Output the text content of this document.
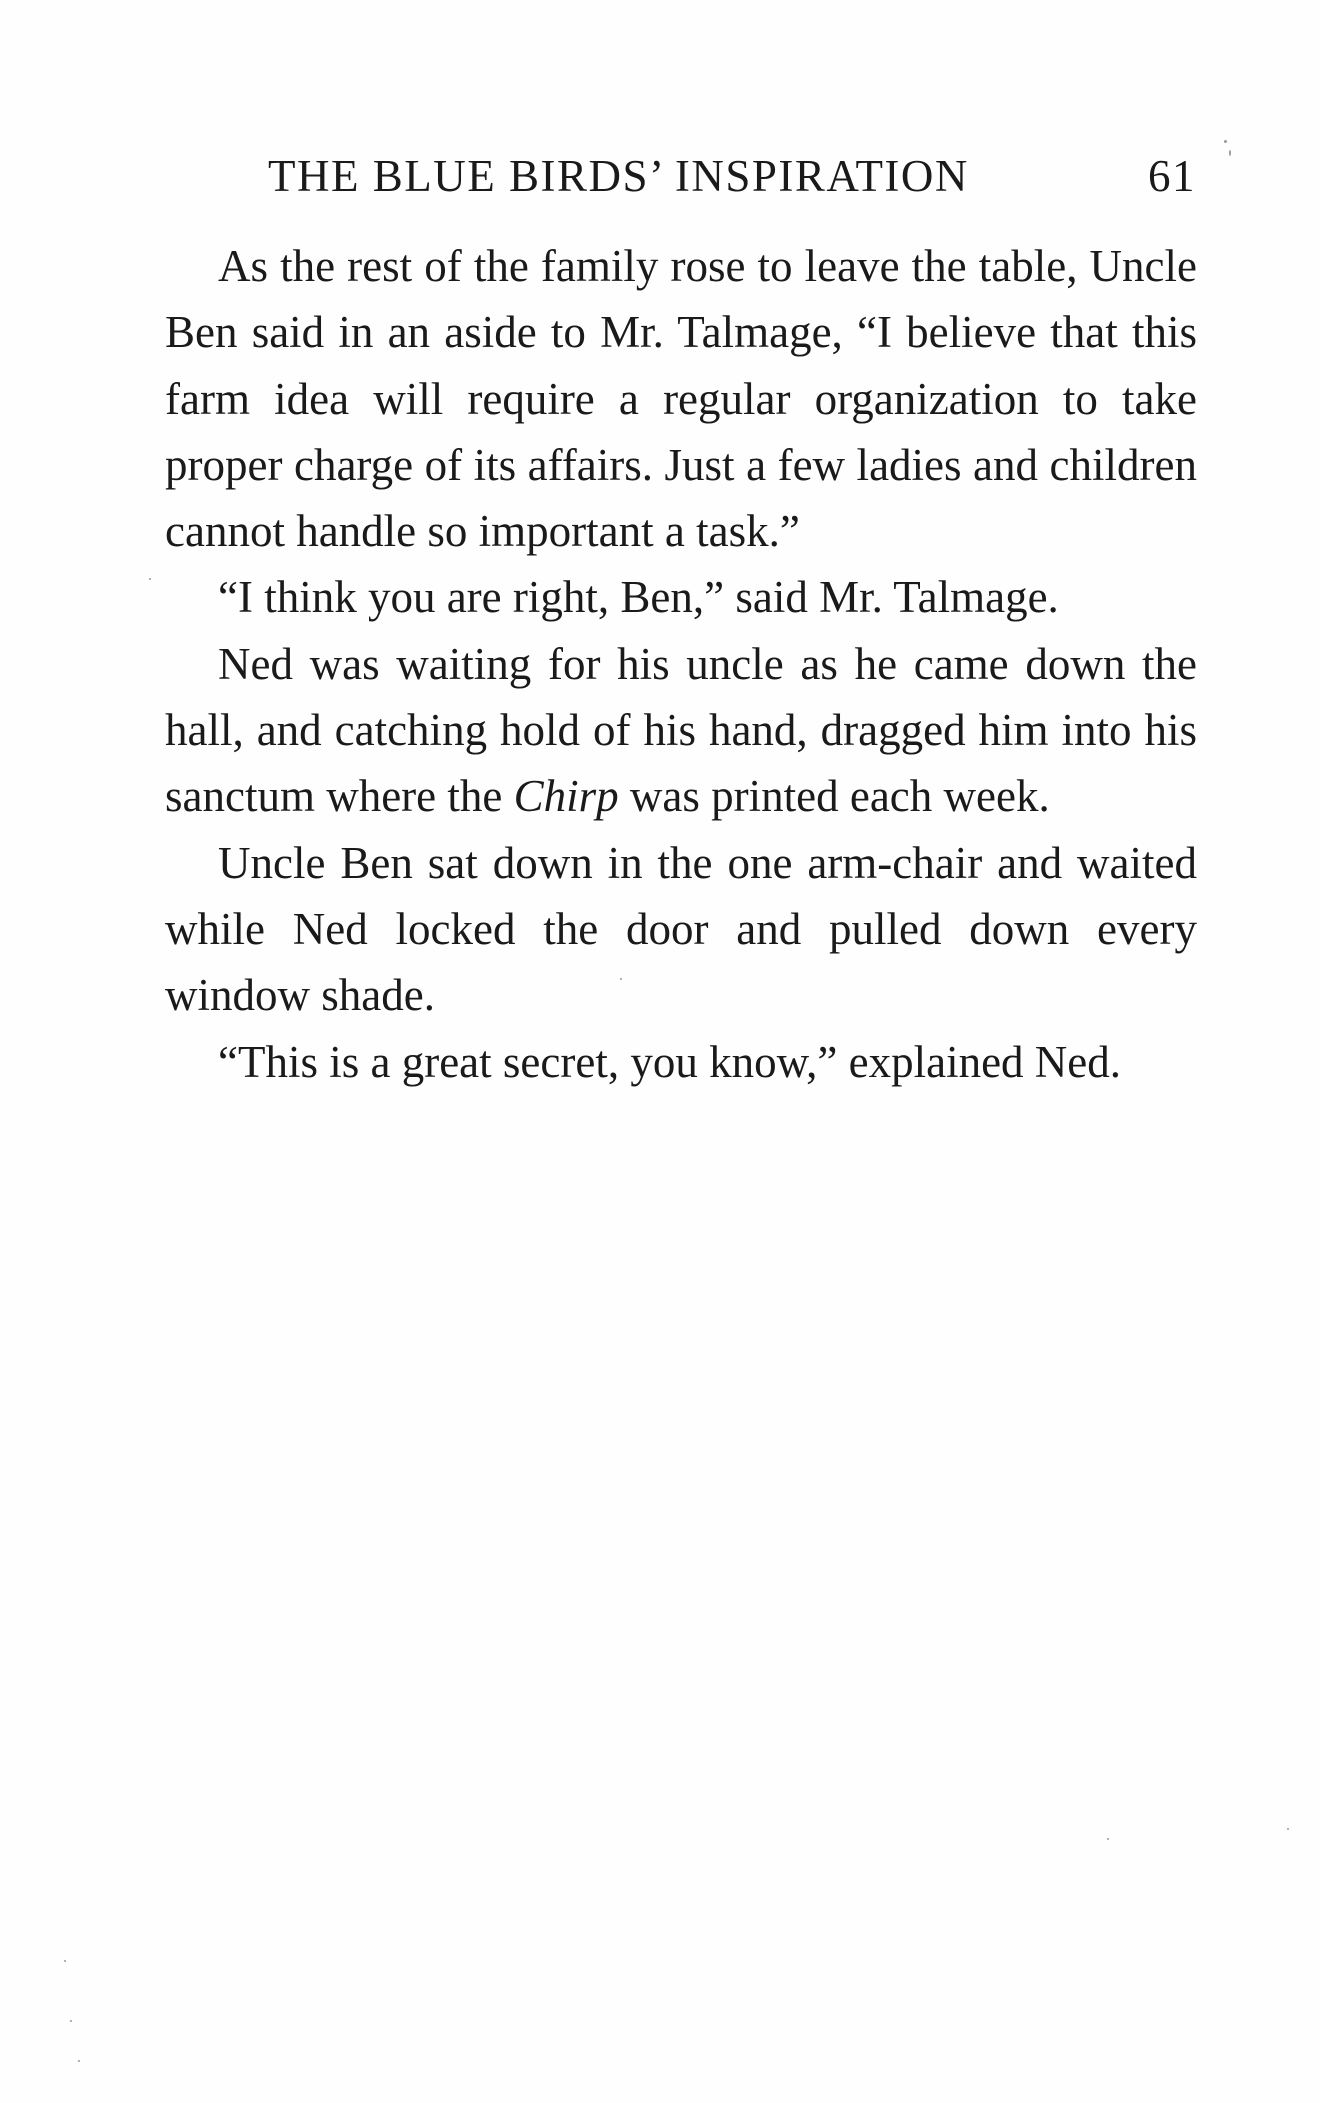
THE BLUE BIRDS’ INSPIRATION	61

As the rest of the family rose to leave the table, Uncle Ben said in an aside to Mr. Talmage, “I believe that this farm idea will require a regular organization to take proper charge of its affairs. Just a few ladies and children cannot handle so important a task.”

“I think you are right, Ben,” said Mr. Talmage.

Ned was waiting for his uncle as he came down the hall, and catching hold of his hand, dragged him into his sanctum where the Chirp was printed each week.

Uncle Ben sat down in the one arm-chair and waited while Ned locked the door and pulled down every window shade.

“This is a great secret, you know,” explained Ned.
